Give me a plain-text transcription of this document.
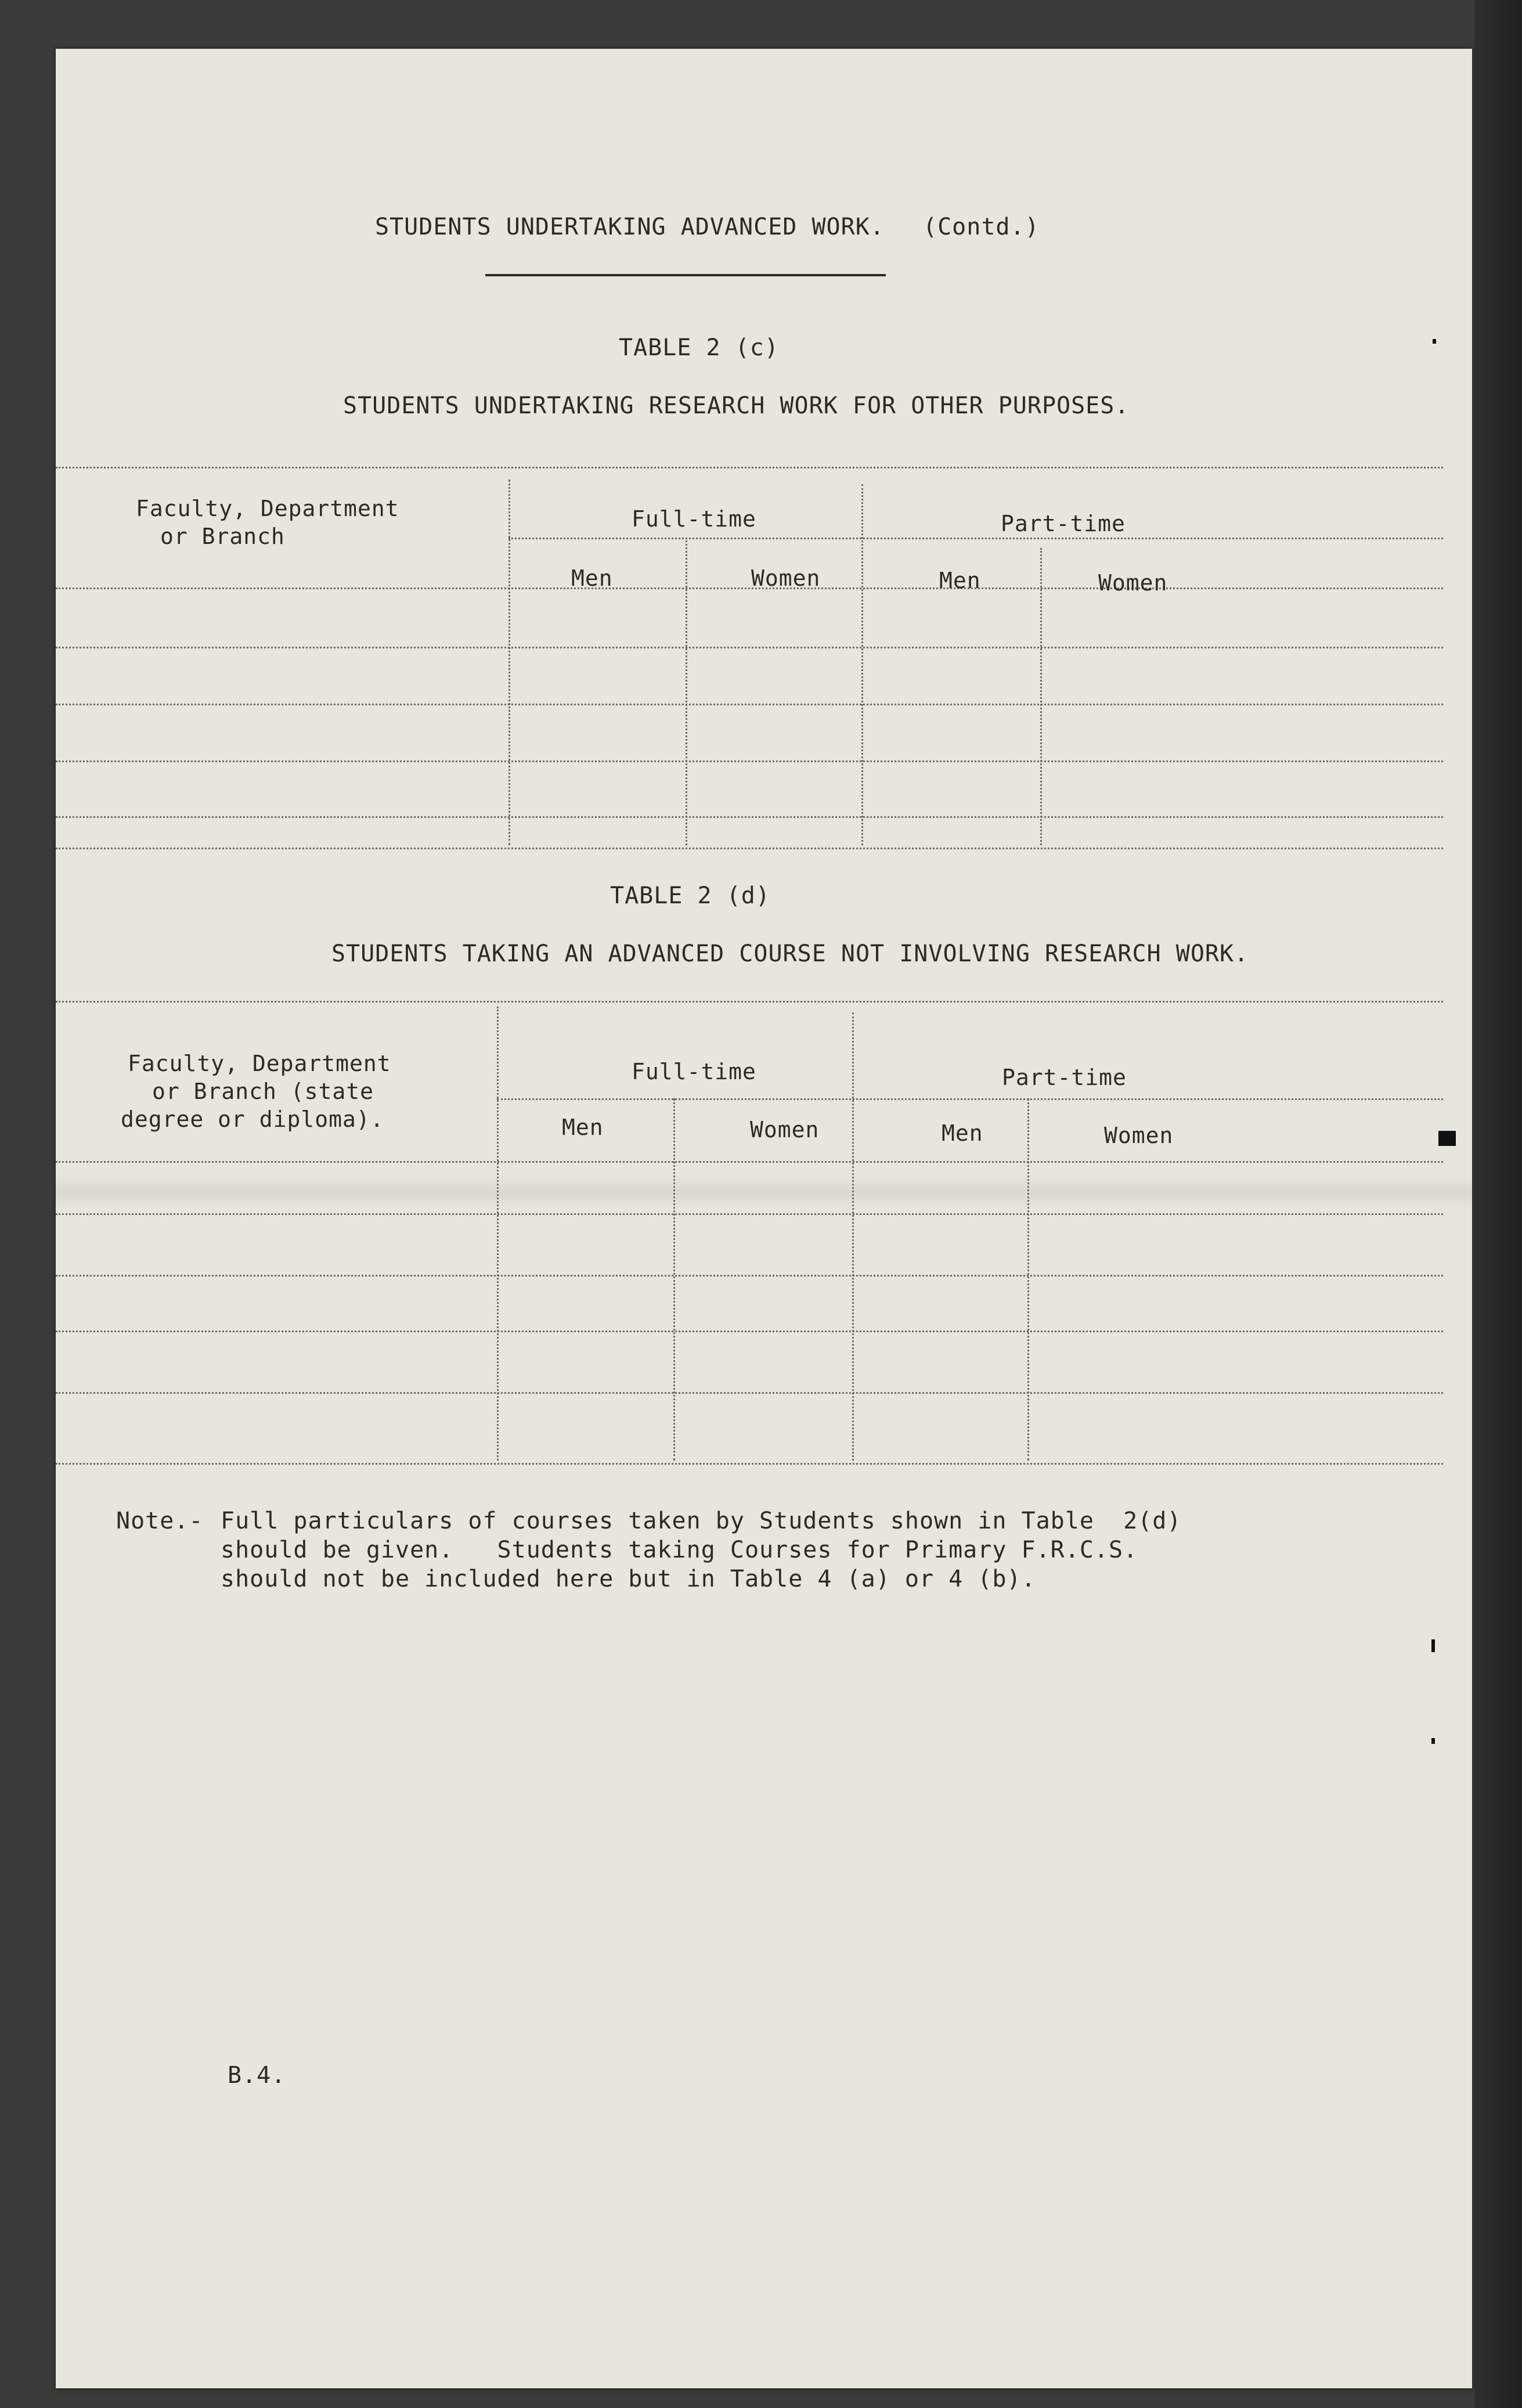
STUDENTS UNDERTAKING ADVANCED WORK. (Contd.)
TABLE 2 (c)
STUDENTS UNDERTAKING RESEARCH WORK FOR OTHER PURPOSES.
Faculty, Department
or Branch
Full-time	Part-time
Men	Women	Men	Women
TABLE 2 (d)
STUDENTS TAKING AN ADVANCED COURSE NOT INVOLVING RESEARCH WORK.
Faculty, Department
or Branch (state
degree or diploma).
Full-time	Part-time
Men	Women	Men	Women
Note.- Full particulars of courses taken by Students shown in Table  2(d)
should be given.   Students taking Courses for Primary F.R.C.S.
should not be included here but in Table 4 (a) or 4 (b).
B.4.
